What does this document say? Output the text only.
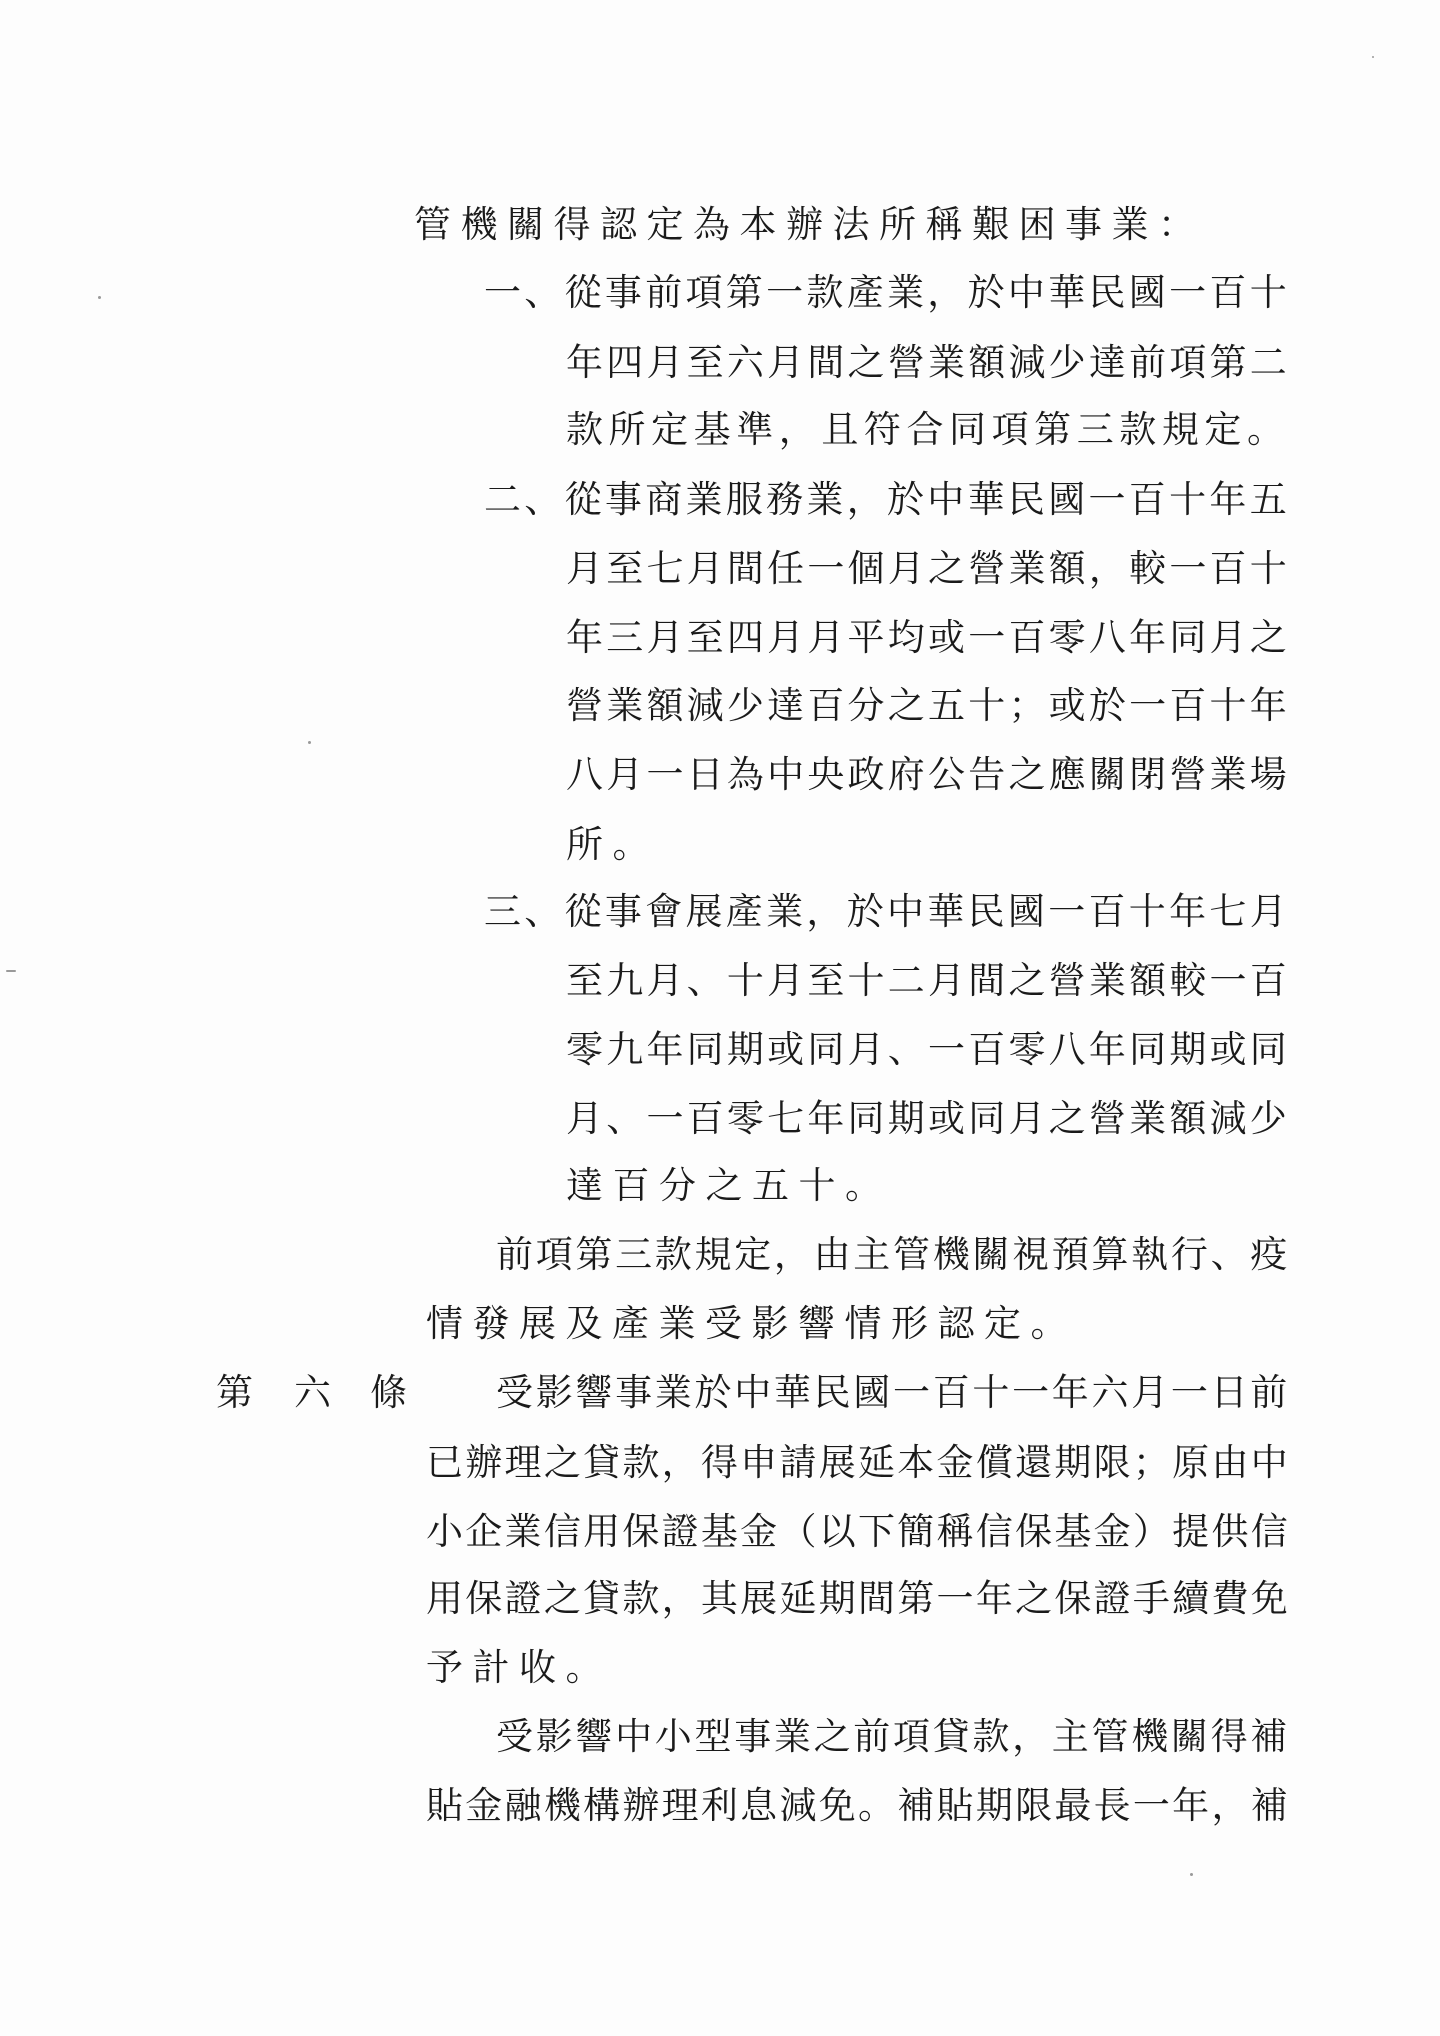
管機關得認定為本辦法所稱艱困事業：
一、從事前項第一款產業，於中華民國一百十
年四月至六月間之營業額減少達前項第二
款所定基準，且符合同項第三款規定。
二、從事商業服務業，於中華民國一百十年五
月至七月間任一個月之營業額，較一百十
年三月至四月月平均或一百零八年同月之
營業額減少達百分之五十；或於一百十年
八月一日為中央政府公告之應關閉營業場
所。
三、從事會展產業，於中華民國一百十年七月
至九月、十月至十二月間之營業額較一百
零九年同期或同月、一百零八年同期或同
月、一百零七年同期或同月之營業額減少
達百分之五十。
前項第三款規定，由主管機關視預算執行、疫
情發展及產業受影響情形認定。
第 六 條 受影響事業於中華民國一百十一年六月一日前
已辦理之貸款，得申請展延本金償還期限；原由中
小企業信用保證基金（以下簡稱信保基金）提供信
用保證之貸款，其展延期間第一年之保證手續費免
予計收。
受影響中小型事業之前項貸款，主管機關得補
貼金融機構辦理利息減免。補貼期限最長一年，補
